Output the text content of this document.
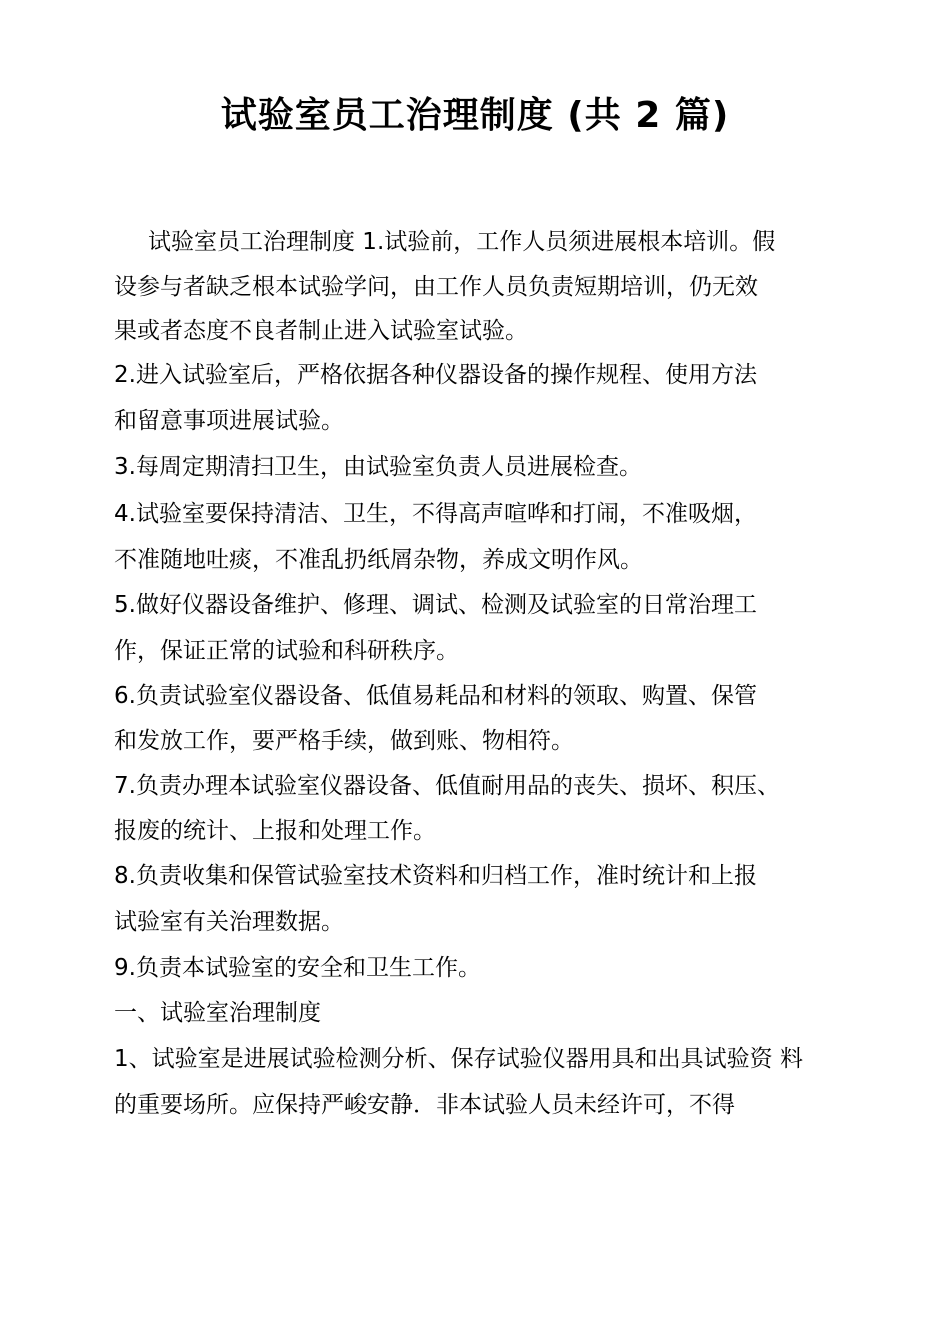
试验室员工治理制度 (共 2 篇)
试验室员工治理制度 1.试验前，工作人员须进展根本培训。假
设参与者缺乏根本试验学问，由工作人员负责短期培训，仍无效
果或者态度不良者制止进入试验室试验。
2.进入试验室后，严格依据各种仪器设备的操作规程、使用方法
和留意事项进展试验。
3.每周定期清扫卫生，由试验室负责人员进展检查。
4.试验室要保持清洁、卫生，不得高声喧哗和打闹，不准吸烟，
不准随地吐痰，不准乱扔纸屑杂物，养成文明作风。
5.做好仪器设备维护、修理、调试、检测及试验室的日常治理工
作，保证正常的试验和科研秩序。
6.负责试验室仪器设备、低值易耗品和材料的领取、购置、保管
和发放工作，要严格手续，做到账、物相符。
7.负责办理本试验室仪器设备、低值耐用品的丧失、损坏、积压、
报废的统计、上报和处理工作。
8.负责收集和保管试验室技术资料和归档工作，准时统计和上报
试验室有关治理数据。
9.负责本试验室的安全和卫生工作。
一、试验室治理制度
1、试验室是进展试验检测分析、保存试验仪器用具和出具试验资 料
的重要场所。应保持严峻安静．非本试验人员未经许可，不得
